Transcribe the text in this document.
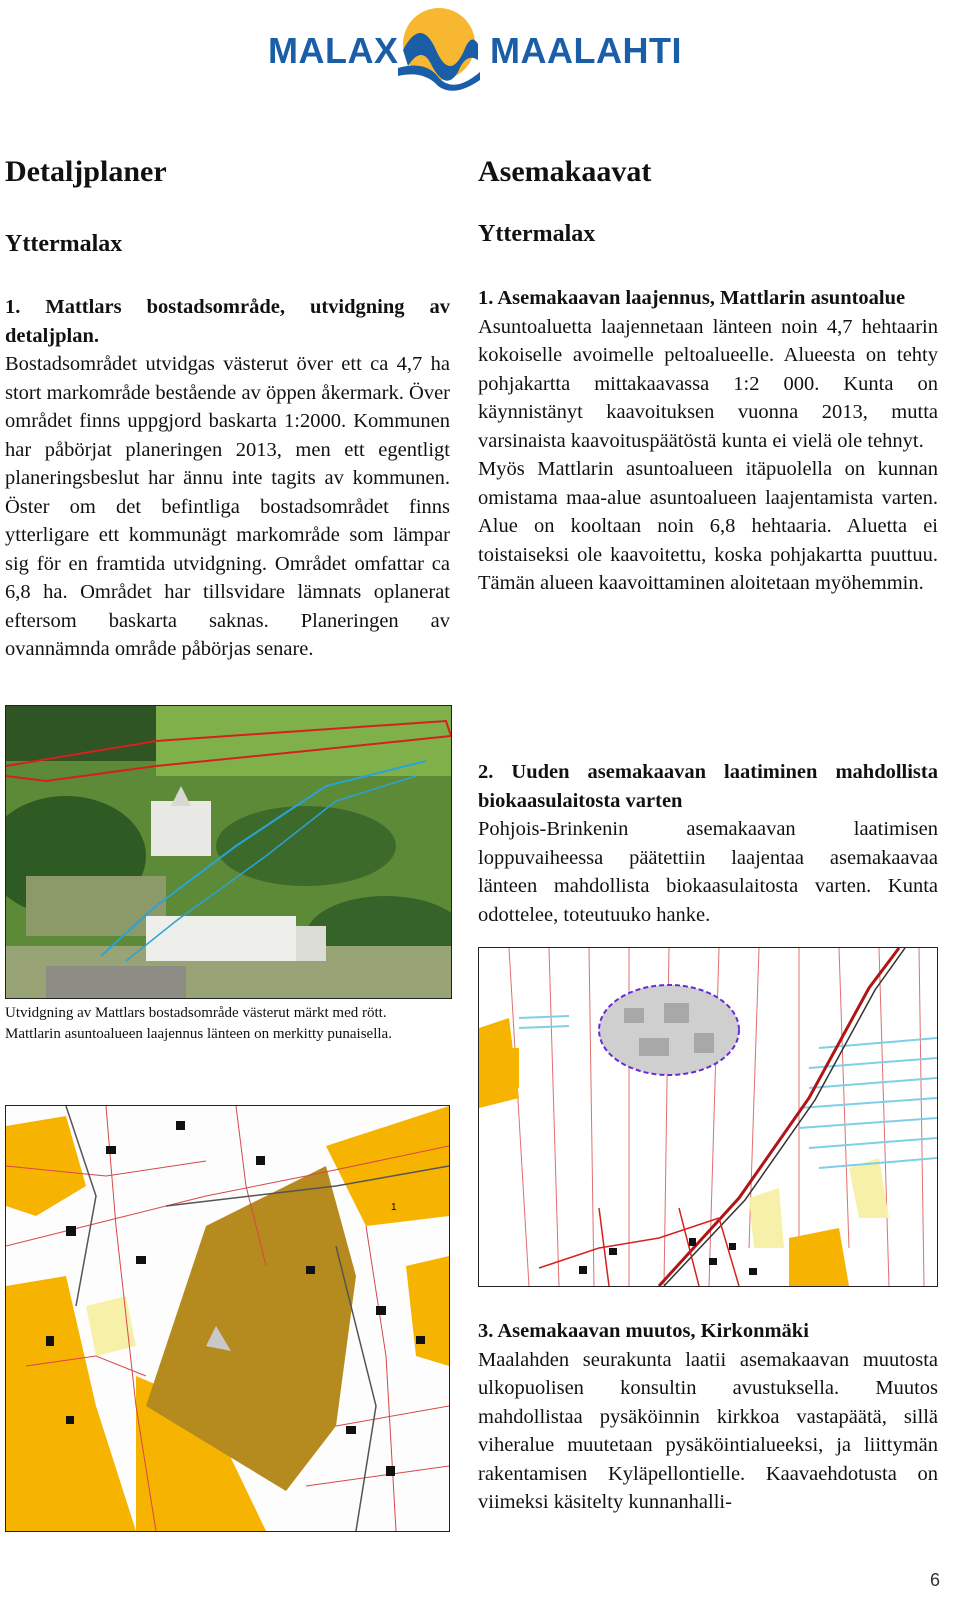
MALAX	MAALAHTI
Detaljplaner
Yttermalax

1. Mattlars bostadsområde, utvidgning av detaljplan.

Bostadsområdet utvidgas västerut över ett ca 4,7 ha stort markområde bestående av öppen åkermark. Över området finns uppgjord baskarta 1:2000. Kommunen har påbörjat planeringen 2013, men ett egentligt planeringsbeslut har ännu inte tagits av kommunen. Öster om det befintliga bostadsområdet finns ytterligare ett kommunägt markområde som lämpar sig för en framtida utvidgning. Området omfattar ca 6,8 ha. Området har tillsvidare lämnats oplanerat eftersom baskarta saknas. Planeringen av ovannämnda område påbörjas senare.

Utvidgning av Mattlars bostadsområde västerut märkt med rött.
Mattlarin asuntoalueen laajennus länteen on merkitty punaisella.
1
Asemakaavat
Yttermalax

1. Asemakaavan laajennus, Mattlarin asuntoalue

Asuntoaluetta laajennetaan länteen noin 4,7 hehtaarin kokoiselle avoimelle peltoalueelle. Alueesta on tehty pohjakartta mittakaavassa 1:2 000. Kunta on käynnistänyt kaavoituksen vuonna 2013, mutta varsinaista kaavoituspäätöstä kunta ei vielä ole tehnyt.

Myös Mattlarin asuntoalueen itäpuolella on kunnan omistama maa-alue asuntoalueen laajentamista varten. Alue on kooltaan noin 6,8 hehtaaria. Aluetta ei toistaiseksi ole kaavoitettu, koska pohjakartta puuttuu. Tämän alueen kaavoittaminen aloitetaan myöhemmin.

2. Uuden asemakaavan laatiminen mahdollista biokaasulaitosta varten

Pohjois-Brinkenin asemakaavan laatimisen loppuvaiheessa päätettiin laajentaa asemakaavaa länteen mahdollista biokaasulaitosta varten. Kunta odottelee, toteutuuko hanke.

3. Asemakaavan muutos, Kirkonmäki

Maalahden seurakunta laatii asemakaavan muutosta ulkopuolisen konsultin avustuksella. Muutos mahdollistaa pysäköinnin kirkkoa vastapäätä, sillä viheralue muutetaan pysäköintialueeksi, ja liittymän rakentamisen Kyläpellontielle. Kaavaehdotusta on viimeksi käsitelty kunnanhalli-

6
